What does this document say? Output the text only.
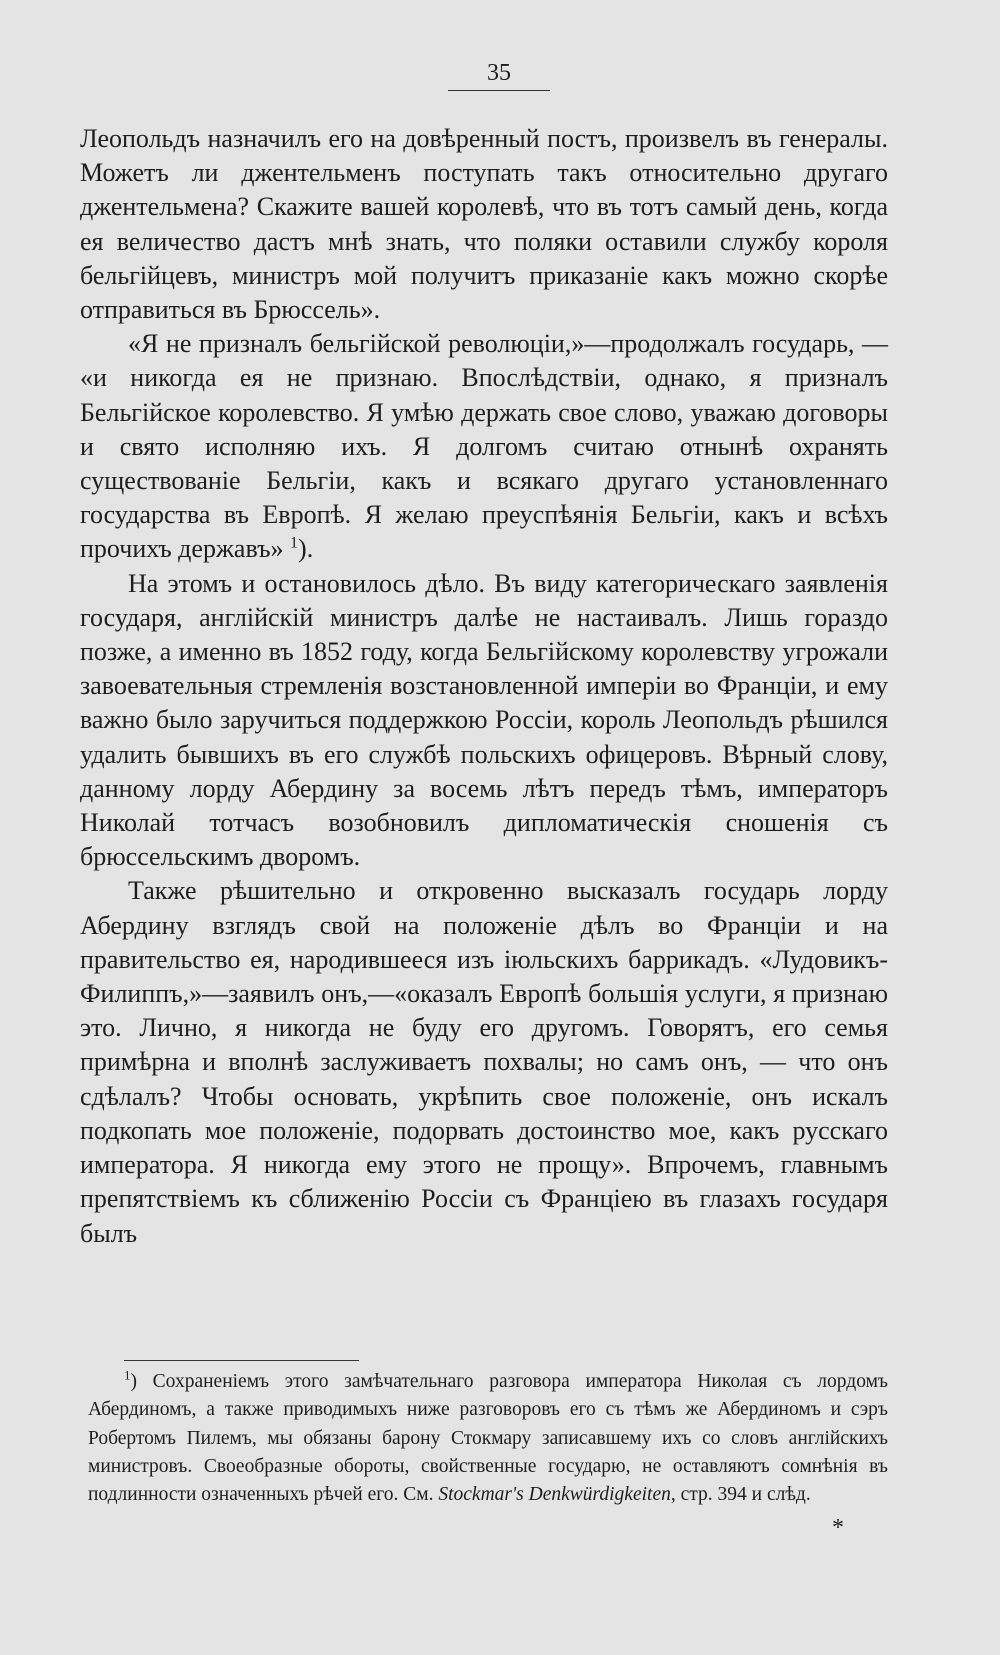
35

Леопольдъ назначилъ его на довѣренный постъ, произвелъ въ генералы. Можетъ ли джентельменъ поступать такъ относительно другаго джентельмена? Скажите вашей королевѣ, что въ тотъ самый день, когда ея величество дастъ мнѣ знать, что поляки оставили службу короля бельгійцевъ, министръ мой получитъ приказаніе какъ можно скорѣе отправиться въ Брюссель».

«Я не призналъ бельгійской революціи,»—продолжалъ государь, — «и никогда ея не признаю. Впослѣдствіи, однако, я призналъ Бельгійское королевство. Я умѣю держать свое слово, уважаю договоры и свято исполняю ихъ. Я долгомъ считаю отнынѣ охранять существованіе Бельгіи, какъ и всякаго другаго установленнаго государства въ Европѣ. Я желаю преуспѣянія Бельгіи, какъ и всѣхъ прочихъ державъ» $^1$).

На этомъ и остановилось дѣло. Въ виду категорическаго заявленія государя, англійскій министръ далѣе не настаивалъ. Лишь гораздо позже, а именно въ 1852 году, когда Бельгійскому королевству угрожали завоевательныя стремленія возстановленной имперіи во Франціи, и ему важно было заручиться поддержкою Россіи, король Леопольдъ рѣшился удалить бывшихъ въ его службѣ польскихъ офицеровъ. Вѣрный слову, данному лорду Абердину за восемь лѣтъ передъ тѣмъ, императоръ Николай тотчасъ возобновилъ дипломатическія сношенія съ брюссельскимъ дворомъ.

Также рѣшительно и откровенно высказалъ государь лорду Абердину взглядъ свой на положеніе дѣлъ во Франціи и на правительство ея, народившееся изъ іюльскихъ баррикадъ. «Лудовикъ-Филиппъ,»—заявилъ онъ,—«оказалъ Европѣ большія услуги, я признаю это. Лично, я никогда не буду его другомъ. Говорятъ, его семья примѣрна и вполнѣ заслуживаетъ похвалы; но самъ онъ, — что онъ сдѣлалъ? Чтобы основать, укрѣпить свое положеніе, онъ искалъ подкопать мое положеніе, подорвать достоинство мое, какъ русскаго императора. Я никогда ему этого не прощу». Впрочемъ, главнымъ препятствіемъ къ сближенію Россіи съ Франціею въ глазахъ государя былъ

$^1$) Сохраненіемъ этого замѣчательнаго разговора императора Николая съ лордомъ Абердиномъ, а также приводимыхъ ниже разговоровъ его съ тѣмъ же Абердиномъ и сэръ Робертомъ Пилемъ, мы обязаны барону Стокмару записавшему ихъ со словъ англійскихъ министровъ. Своеобразные обороты, свойственные государю, не оставляютъ сомнѣнія въ подлинности означенныхъ рѣчей его. См. Stockmar's Denkwürdigkeiten, стр. 394 и слѣд.

*
